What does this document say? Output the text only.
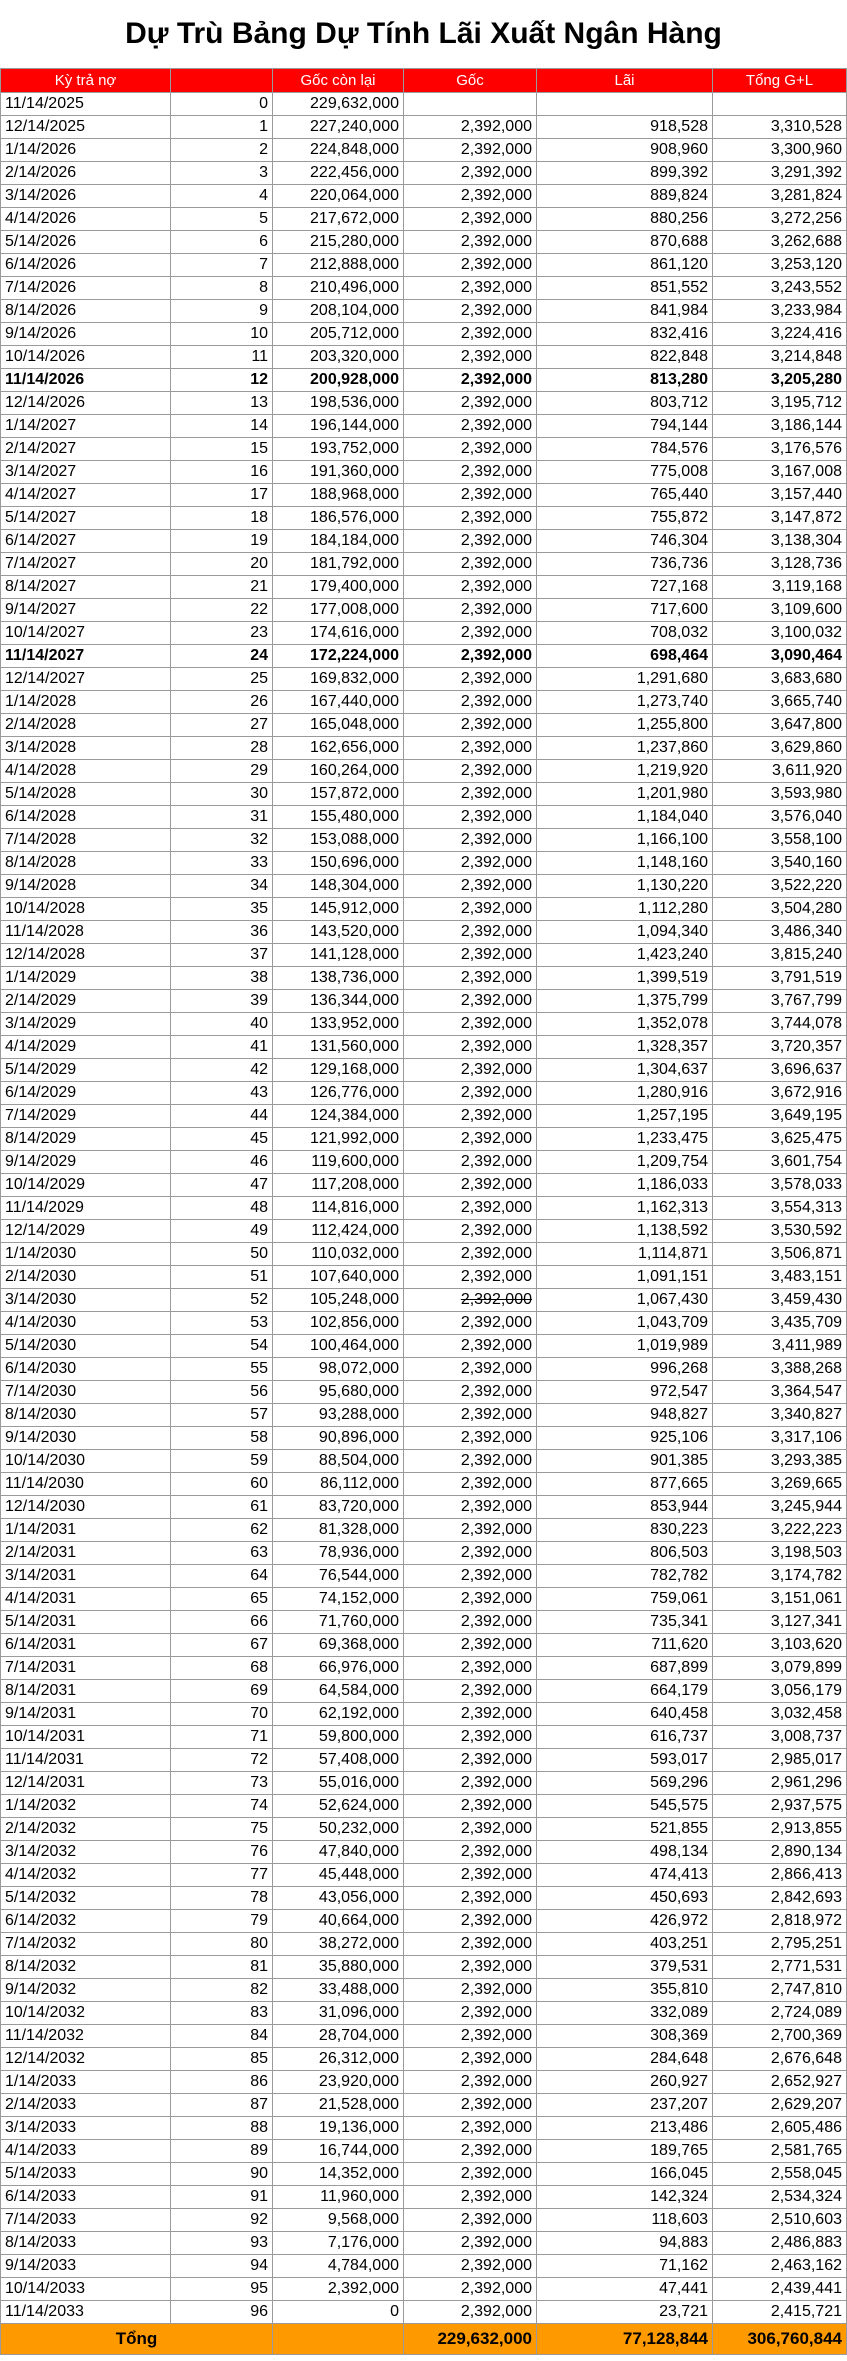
Dự Trù Bảng Dự Tính Lãi Xuất Ngân Hàng
Kỳ trả nợ		Gốc còn lại	Gốc	Lãi	Tổng G+L
11/14/2025	0	229,632,000			
12/14/2025	1	227,240,000	2,392,000	918,528	3,310,528
1/14/2026	2	224,848,000	2,392,000	908,960	3,300,960
2/14/2026	3	222,456,000	2,392,000	899,392	3,291,392
3/14/2026	4	220,064,000	2,392,000	889,824	3,281,824
4/14/2026	5	217,672,000	2,392,000	880,256	3,272,256
5/14/2026	6	215,280,000	2,392,000	870,688	3,262,688
6/14/2026	7	212,888,000	2,392,000	861,120	3,253,120
7/14/2026	8	210,496,000	2,392,000	851,552	3,243,552
8/14/2026	9	208,104,000	2,392,000	841,984	3,233,984
9/14/2026	10	205,712,000	2,392,000	832,416	3,224,416
10/14/2026	11	203,320,000	2,392,000	822,848	3,214,848
11/14/2026	12	200,928,000	2,392,000	813,280	3,205,280
12/14/2026	13	198,536,000	2,392,000	803,712	3,195,712
1/14/2027	14	196,144,000	2,392,000	794,144	3,186,144
2/14/2027	15	193,752,000	2,392,000	784,576	3,176,576
3/14/2027	16	191,360,000	2,392,000	775,008	3,167,008
4/14/2027	17	188,968,000	2,392,000	765,440	3,157,440
5/14/2027	18	186,576,000	2,392,000	755,872	3,147,872
6/14/2027	19	184,184,000	2,392,000	746,304	3,138,304
7/14/2027	20	181,792,000	2,392,000	736,736	3,128,736
8/14/2027	21	179,400,000	2,392,000	727,168	3,119,168
9/14/2027	22	177,008,000	2,392,000	717,600	3,109,600
10/14/2027	23	174,616,000	2,392,000	708,032	3,100,032
11/14/2027	24	172,224,000	2,392,000	698,464	3,090,464
12/14/2027	25	169,832,000	2,392,000	1,291,680	3,683,680
1/14/2028	26	167,440,000	2,392,000	1,273,740	3,665,740
2/14/2028	27	165,048,000	2,392,000	1,255,800	3,647,800
3/14/2028	28	162,656,000	2,392,000	1,237,860	3,629,860
4/14/2028	29	160,264,000	2,392,000	1,219,920	3,611,920
5/14/2028	30	157,872,000	2,392,000	1,201,980	3,593,980
6/14/2028	31	155,480,000	2,392,000	1,184,040	3,576,040
7/14/2028	32	153,088,000	2,392,000	1,166,100	3,558,100
8/14/2028	33	150,696,000	2,392,000	1,148,160	3,540,160
9/14/2028	34	148,304,000	2,392,000	1,130,220	3,522,220
10/14/2028	35	145,912,000	2,392,000	1,112,280	3,504,280
11/14/2028	36	143,520,000	2,392,000	1,094,340	3,486,340
12/14/2028	37	141,128,000	2,392,000	1,423,240	3,815,240
1/14/2029	38	138,736,000	2,392,000	1,399,519	3,791,519
2/14/2029	39	136,344,000	2,392,000	1,375,799	3,767,799
3/14/2029	40	133,952,000	2,392,000	1,352,078	3,744,078
4/14/2029	41	131,560,000	2,392,000	1,328,357	3,720,357
5/14/2029	42	129,168,000	2,392,000	1,304,637	3,696,637
6/14/2029	43	126,776,000	2,392,000	1,280,916	3,672,916
7/14/2029	44	124,384,000	2,392,000	1,257,195	3,649,195
8/14/2029	45	121,992,000	2,392,000	1,233,475	3,625,475
9/14/2029	46	119,600,000	2,392,000	1,209,754	3,601,754
10/14/2029	47	117,208,000	2,392,000	1,186,033	3,578,033
11/14/2029	48	114,816,000	2,392,000	1,162,313	3,554,313
12/14/2029	49	112,424,000	2,392,000	1,138,592	3,530,592
1/14/2030	50	110,032,000	2,392,000	1,114,871	3,506,871
2/14/2030	51	107,640,000	2,392,000	1,091,151	3,483,151
3/14/2030	52	105,248,000	2,392,000	1,067,430	3,459,430
4/14/2030	53	102,856,000	2,392,000	1,043,709	3,435,709
5/14/2030	54	100,464,000	2,392,000	1,019,989	3,411,989
6/14/2030	55	98,072,000	2,392,000	996,268	3,388,268
7/14/2030	56	95,680,000	2,392,000	972,547	3,364,547
8/14/2030	57	93,288,000	2,392,000	948,827	3,340,827
9/14/2030	58	90,896,000	2,392,000	925,106	3,317,106
10/14/2030	59	88,504,000	2,392,000	901,385	3,293,385
11/14/2030	60	86,112,000	2,392,000	877,665	3,269,665
12/14/2030	61	83,720,000	2,392,000	853,944	3,245,944
1/14/2031	62	81,328,000	2,392,000	830,223	3,222,223
2/14/2031	63	78,936,000	2,392,000	806,503	3,198,503
3/14/2031	64	76,544,000	2,392,000	782,782	3,174,782
4/14/2031	65	74,152,000	2,392,000	759,061	3,151,061
5/14/2031	66	71,760,000	2,392,000	735,341	3,127,341
6/14/2031	67	69,368,000	2,392,000	711,620	3,103,620
7/14/2031	68	66,976,000	2,392,000	687,899	3,079,899
8/14/2031	69	64,584,000	2,392,000	664,179	3,056,179
9/14/2031	70	62,192,000	2,392,000	640,458	3,032,458
10/14/2031	71	59,800,000	2,392,000	616,737	3,008,737
11/14/2031	72	57,408,000	2,392,000	593,017	2,985,017
12/14/2031	73	55,016,000	2,392,000	569,296	2,961,296
1/14/2032	74	52,624,000	2,392,000	545,575	2,937,575
2/14/2032	75	50,232,000	2,392,000	521,855	2,913,855
3/14/2032	76	47,840,000	2,392,000	498,134	2,890,134
4/14/2032	77	45,448,000	2,392,000	474,413	2,866,413
5/14/2032	78	43,056,000	2,392,000	450,693	2,842,693
6/14/2032	79	40,664,000	2,392,000	426,972	2,818,972
7/14/2032	80	38,272,000	2,392,000	403,251	2,795,251
8/14/2032	81	35,880,000	2,392,000	379,531	2,771,531
9/14/2032	82	33,488,000	2,392,000	355,810	2,747,810
10/14/2032	83	31,096,000	2,392,000	332,089	2,724,089
11/14/2032	84	28,704,000	2,392,000	308,369	2,700,369
12/14/2032	85	26,312,000	2,392,000	284,648	2,676,648
1/14/2033	86	23,920,000	2,392,000	260,927	2,652,927
2/14/2033	87	21,528,000	2,392,000	237,207	2,629,207
3/14/2033	88	19,136,000	2,392,000	213,486	2,605,486
4/14/2033	89	16,744,000	2,392,000	189,765	2,581,765
5/14/2033	90	14,352,000	2,392,000	166,045	2,558,045
6/14/2033	91	11,960,000	2,392,000	142,324	2,534,324
7/14/2033	92	9,568,000	2,392,000	118,603	2,510,603
8/14/2033	93	7,176,000	2,392,000	94,883	2,486,883
9/14/2033	94	4,784,000	2,392,000	71,162	2,463,162
10/14/2033	95	2,392,000	2,392,000	47,441	2,439,441
11/14/2033	96	0	2,392,000	23,721	2,415,721
Tổng			229,632,000	77,128,844	306,760,844
